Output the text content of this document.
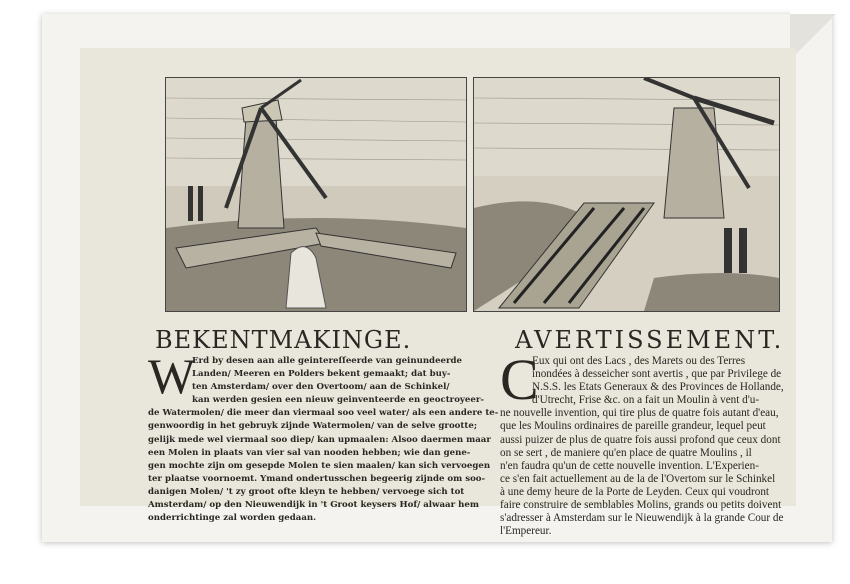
BEKENTMAKINGE.	AVERTISSEMENT.
W
Erd by desen aan alle geintereſſeerde van geinundeerde
Landen/ Meeren en Polders bekent gemaakt; dat buy-
ten Amsterdam/ over den Overtoom/ aan de Schinkel/
kan werden gesien een nieuw geinventeerde en geoctroyeer-
de Watermolen/ die meer dan viermaal soo veel water/ als een andere te-
genwoordig in het gebruyk zijnde Watermolen/ van de selve grootte;
gelijk mede wel viermaal soo diep/ kan upmaalen: Alsoo daermen maar
een Molen in plaats van vier sal van nooden hebben; wie dan gene-
gen mochte zijn om gesepde Molen te sien maalen/ kan sich vervoegen
ter plaatse voornoemt. Ymand ondertusschen begeerig zijnde om soo-
danigen Molen/ 't zy groot ofte kleyn te hebben/ vervoege sich tot
Amsterdam/ op den Nieuwendijk in 't Groot keysers Hof/ alwaar hem
onderrichtinge zal worden gedaan.
C
Eux qui ont des Lacs , des Marets ou des Terres
inondées à desseicher sont avertis , que par Privilege de
N.S.S. les Etats Generaux & des Provinces de Hollande,
d'Utrecht, Frise &c. on a fait un Moulin à vent d'u-
ne nouvelle invention, qui tire plus de quatre fois autant d'eau,
que les Moulins ordinaires de pareille grandeur, lequel peut
aussi puizer de plus de quatre fois aussi profond que ceux dont
on se sert , de maniere qu'en place de quatre Moulins , il
n'en faudra qu'un de cette nouvelle invention. L'Experien-
ce s'en fait actuellement au de la de l'Overtom sur le Schinkel
à une demy heure de la Porte de Leyden. Ceux qui voudront
faire construire de semblables Molins, grands ou petits doivent
s'adresser à Amsterdam sur le Nieuwendijk à la grande Cour de
l'Empereur.
